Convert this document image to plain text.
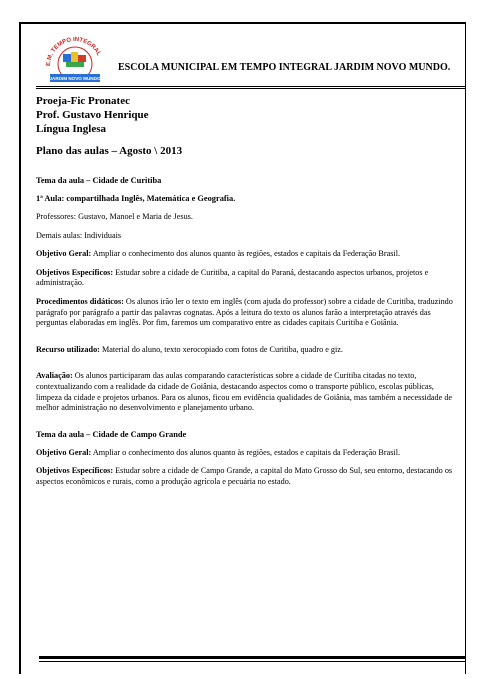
E.M. TEMPO INTEGRAL
JARDIM NOVO MUNDO
ESCOLA MUNICIPAL EM TEMPO INTEGRAL JARDIM NOVO MUNDO.

Proeja-Fic Pronatec

Prof. Gustavo Henrique

Língua Inglesa

Plano das aulas – Agosto \ 2013

Tema da aula – Cidade de Curitiba

1ª Aula: compartilhada Inglês, Matemática e Geografia.

Professores: Gustavo, Manoel e Maria de Jesus.

Demais aulas: Individuais

Objetivo Geral: Ampliar o conhecimento dos alunos quanto às regiões, estados e capitais da Federação Brasil.

Objetivos Específicos: Estudar sobre a cidade de Curitiba, a capital do Paraná, destacando aspectos urbanos, projetos e administração.

Procedimentos didáticos: Os alunos irão ler o texto em inglês (com ajuda do professor) sobre a cidade de Curitiba, traduzindo parágrafo por parágrafo a partir das palavras cognatas. Após a leitura do texto os alunos farão a interpretação através das perguntas elaboradas em inglês. Por fim, faremos um comparativo entre as cidades capitais Curitiba e Goiânia.

Recurso utilizado: Material do aluno, texto xerocopiado com fotos de Curitiba, quadro e giz.

Avaliação: Os alunos participaram das aulas comparando características sobre a cidade de Curitiba citadas no texto, contextualizando com a realidade da cidade de Goiânia, destacando aspectos como o transporte público, escolas públicas, limpeza da cidade e projetos urbanos. Para os alunos, ficou em evidência qualidades de Goiânia, mas também a necessidade de melhor administração no desenvolvimento e planejamento urbano.

Tema da aula – Cidade de Campo Grande

Objetivo Geral: Ampliar o conhecimento dos alunos quanto às regiões, estados e capitais da Federação Brasil.

Objetivos Específicos: Estudar sobre a cidade de Campo Grande, a capital do Mato Grosso do Sul, seu entorno, destacando os aspectos econômicos e rurais, como a produção agrícola e pecuária no estado.
